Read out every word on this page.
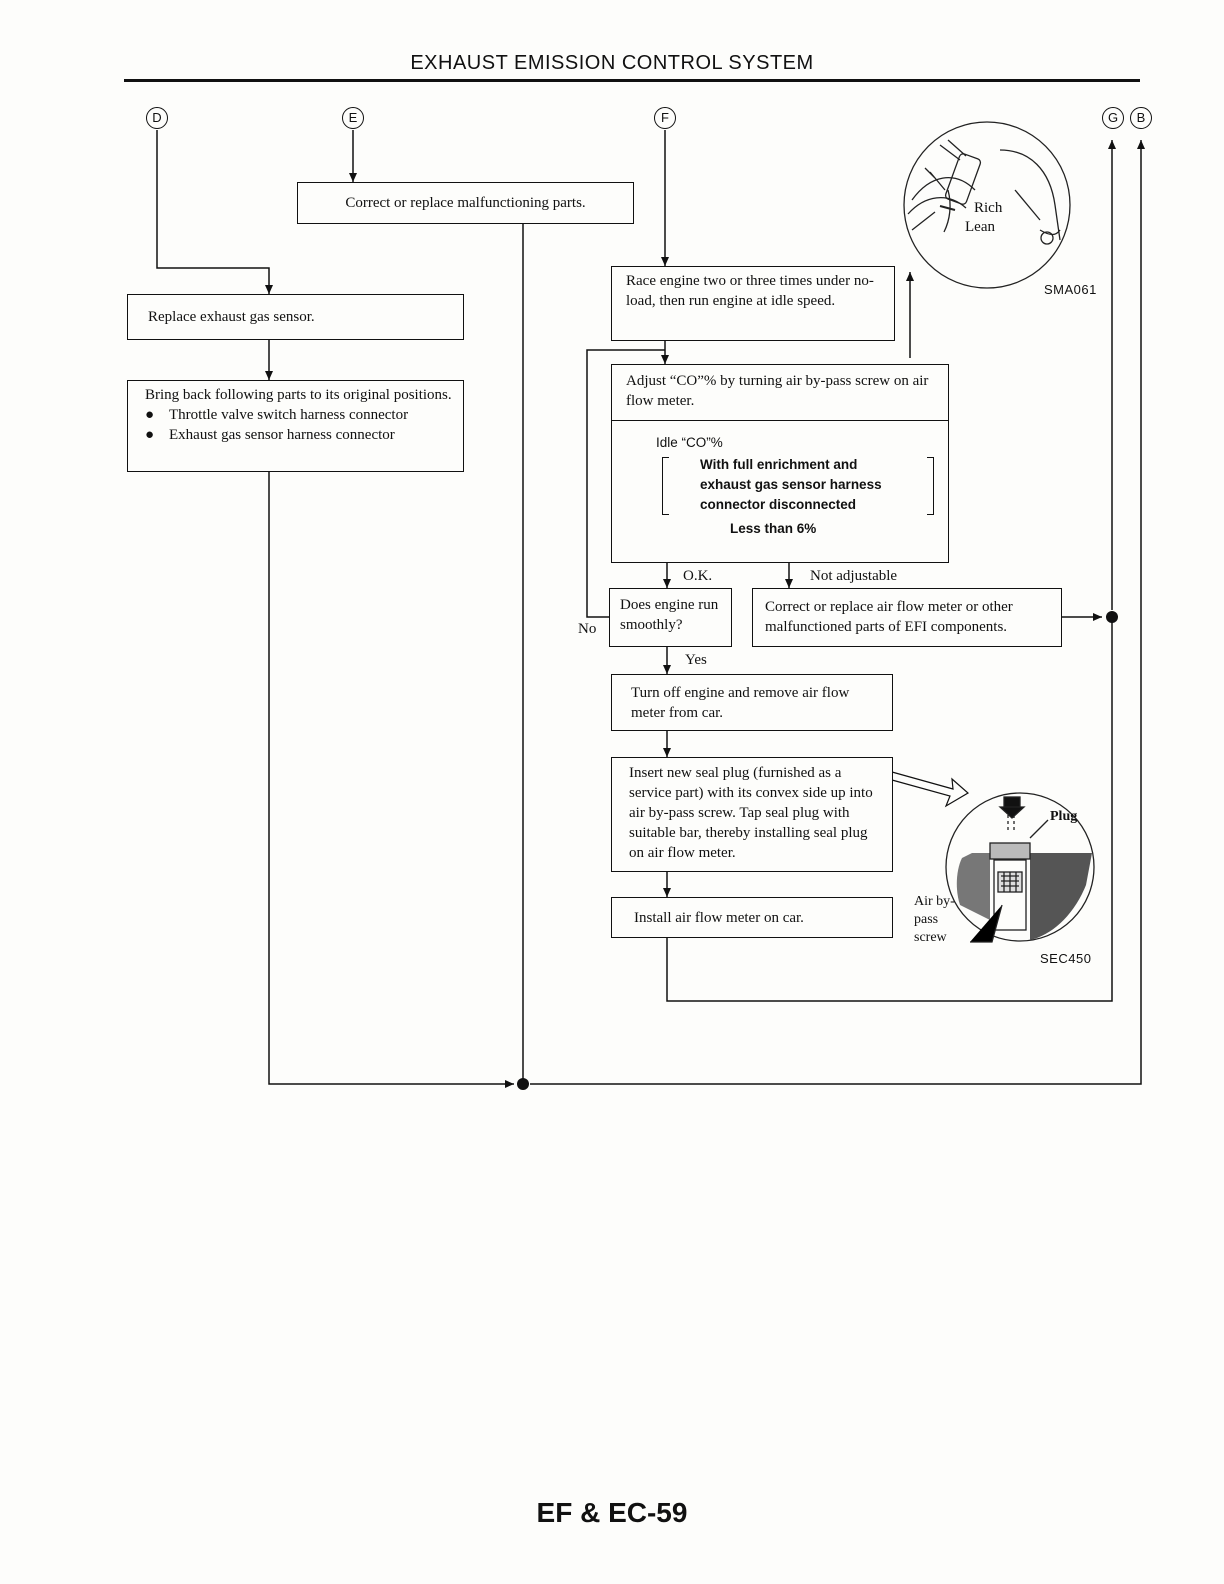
EXHAUST EMISSION CONTROL SYSTEM
D	E	F	G	B
Correct or replace malfunctioning parts.
Replace exhaust gas sensor.
Bring back following parts to its original positions.
● Throttle valve switch harness connector
● Exhaust gas sensor harness connector
Race engine two or three times under no-load, then run engine at idle speed.
Adjust “CO”% by turning air by-pass screw on air flow meter.
Idle “CO”%
With full enrichment and exhaust gas sensor harness connector disconnected
Less than 6%
Does engine run smoothly?
Correct or replace air flow meter or other malfunctioned parts of EFI components.
Turn off engine and remove air flow meter from car.
Insert new seal plug (furnished as a service part) with its convex side up into air by-pass screw. Tap seal plug with suitable bar, thereby installing seal plug on air flow meter.
Install air flow meter on car.
O.K.	Not adjustable
No
Yes
Rich
Lean
SMA061
Plug
Air by-pass screw
SEC450
EF & EC-59
